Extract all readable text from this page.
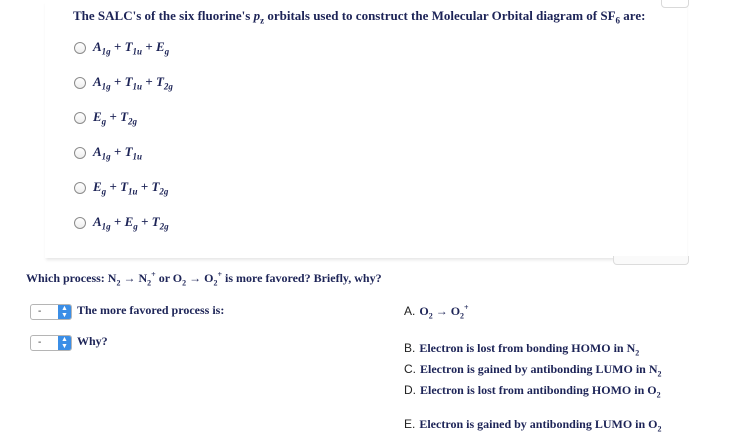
The SALC's of the six fluorine's $p_z$ orbitals used to construct the Molecular Orbital diagram of $SF_6$ are:
$A_{1g} + T_{1u} + E_g$
$A_{1g} + T_{1u} + T_{2g}$
$E_g + T_{2g}$
$A_{1g} + T_{1u}$
$E_g + T_{1u} + T_{2g}$
$A_{1g} + E_g + T_{2g}$
Which process: $N_2 \to N_2^+$ or $O_2 \to O_2^+$ is more favored? Briefly, why?
-	▲
▼ The more favored process is:
-	▲
▼ Why?
A. $O_2 \to O_2^+$
B. Electron is lost from bonding HOMO in $N_2$
C. Electron is gained by antibonding LUMO in $N_2$
D. Electron is lost from antibonding HOMO in $O_2$
E. Electron is gained by antibonding LUMO in $O_2$
